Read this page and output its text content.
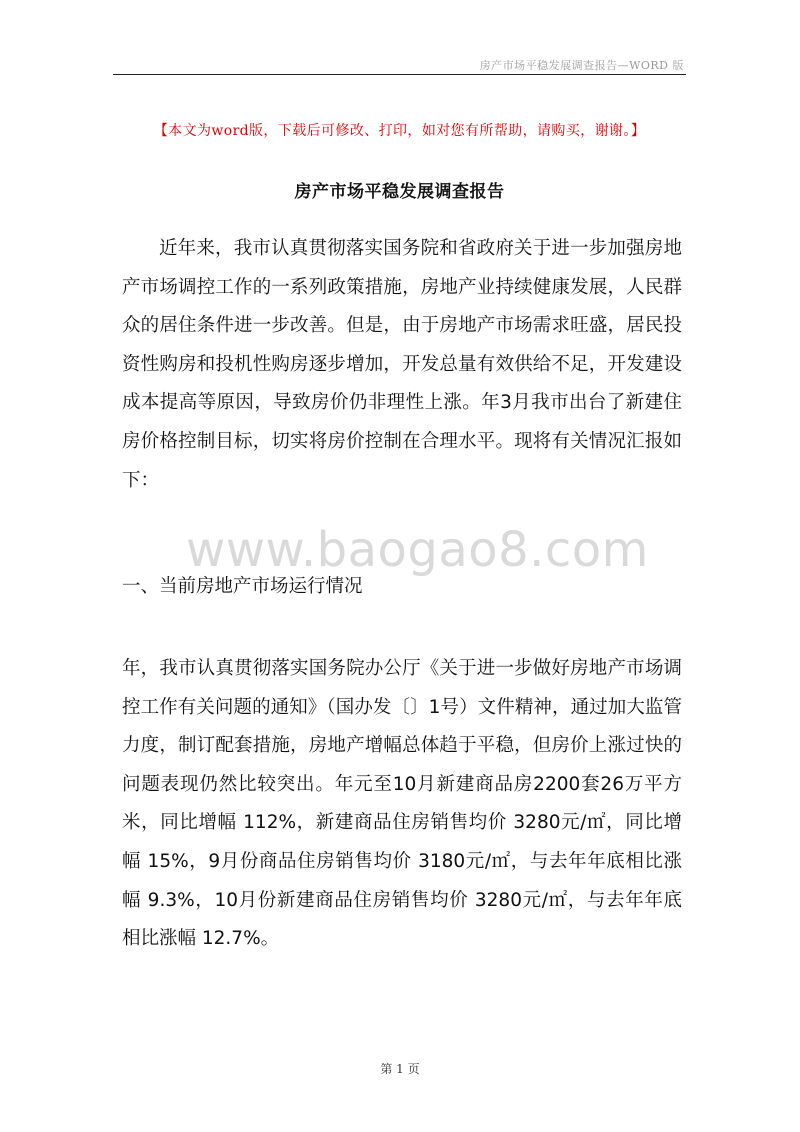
房产市场平稳发展调查报告—WORD 版
【本文为word版，下载后可修改、打印，如对您有所帮助，请购买，谢谢。】
房产市场平稳发展调查报告

近年来，我市认真贯彻落实国务院和省政府关于进一步加强房地产市场调控工作的一系列政策措施，房地产业持续健康发展，人民群众的居住条件进一步改善。但是，由于房地产市场需求旺盛，居民投资性购房和投机性购房逐步增加，开发总量有效供给不足，开发建设成本提高等原因，导致房价仍非理性上涨。年3月我市出台了新建住房价格控制目标，切实将房价控制在合理水平。现将有关情况汇报如下：

www.baogao8.com
一、当前房地产市场运行情况

年，我市认真贯彻落实国务院办公厅《关于进一步做好房地产市场调控工作有关问题的通知》（国办发〔〕1号）文件精神，通过加大监管力度，制订配套措施，房地产增幅总体趋于平稳，但房价上涨过快的问题表现仍然比较突出。年元至10月新建商品房2200套26万平方米，同比增幅 112%，新建商品住房销售均价 3280元/㎡，同比增幅 15%，9月份商品住房销售均价 3180元/㎡，与去年年底相比涨幅 9.3%，10月份新建商品住房销售均价 3280元/㎡，与去年年底相比涨幅 12.7%。

第 1 页
